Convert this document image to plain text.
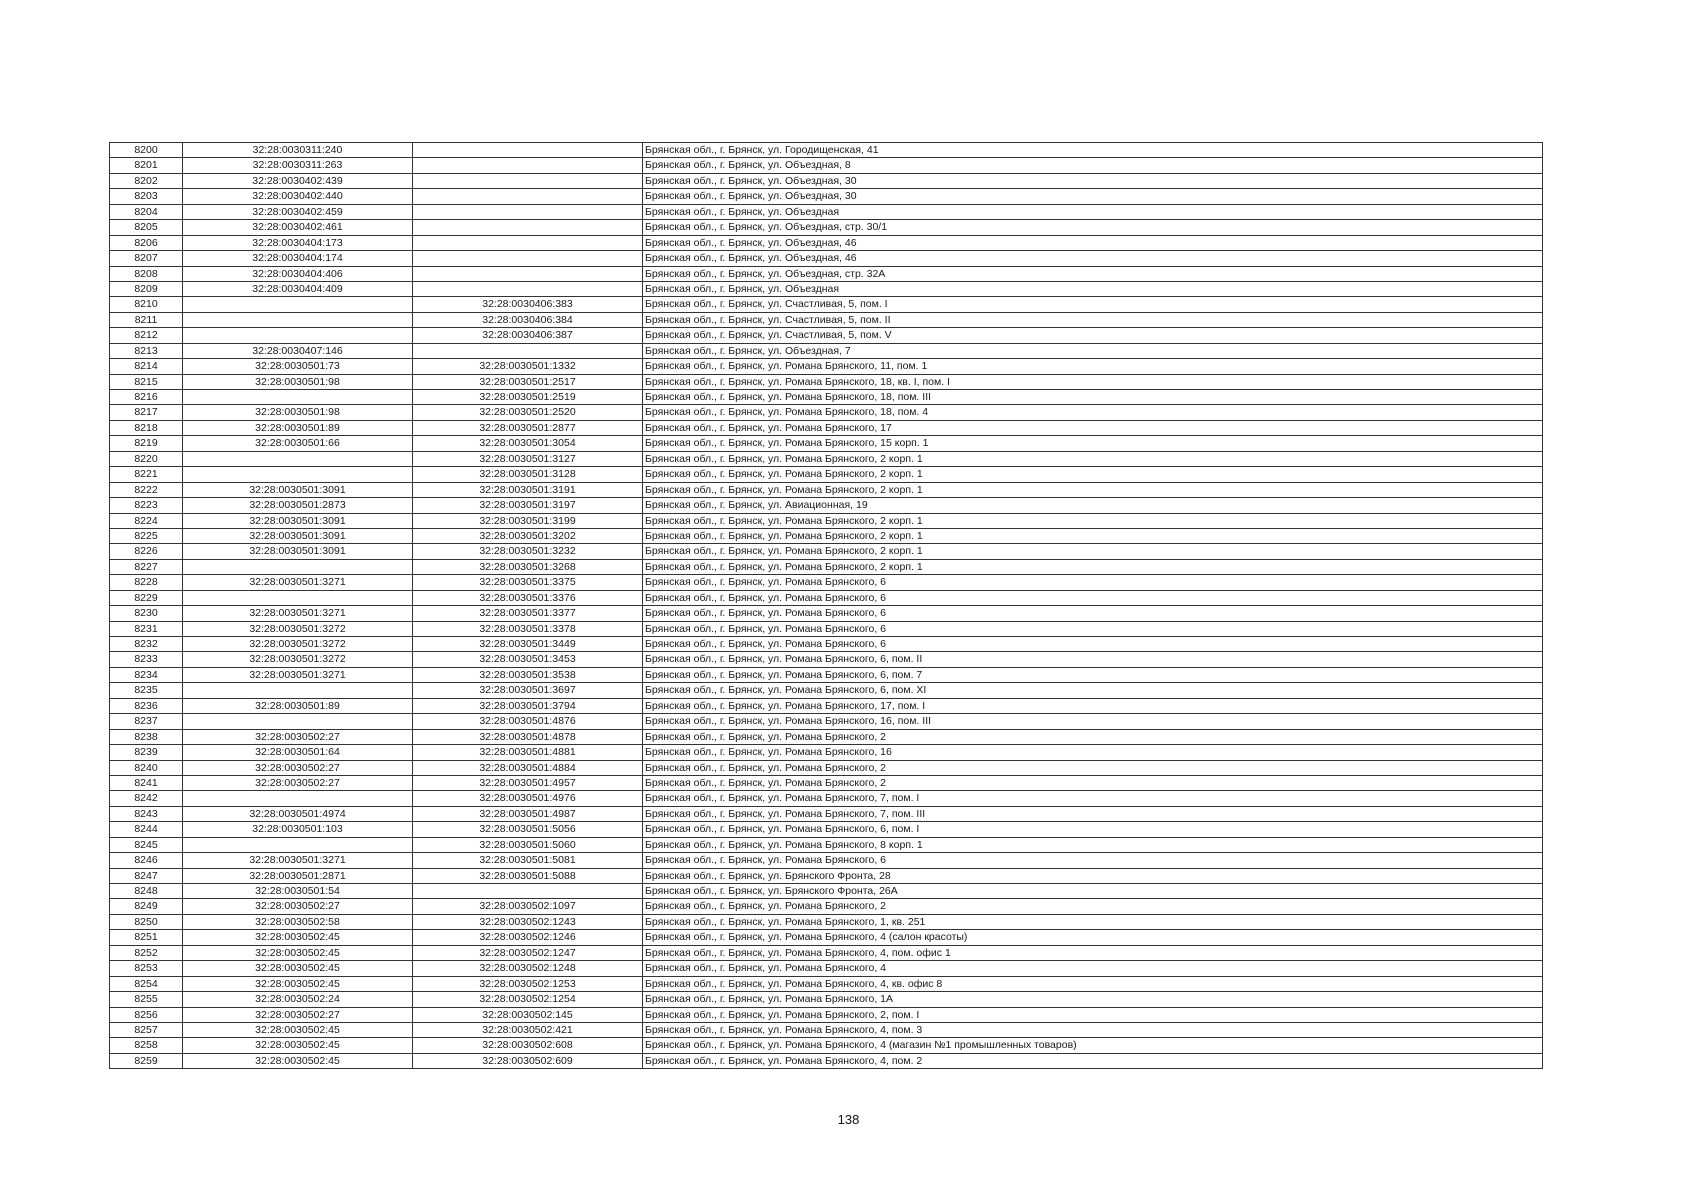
8200	32:28:0030311:240		Брянская обл., г. Брянск, ул. Городищенская, 41
8201	32:28:0030311:263		Брянская обл., г. Брянск, ул. Объездная, 8
8202	32:28:0030402:439		Брянская обл., г. Брянск, ул. Объездная, 30
8203	32:28:0030402:440		Брянская обл., г. Брянск, ул. Объездная, 30
8204	32:28:0030402:459		Брянская обл., г. Брянск, ул. Объездная
8205	32:28:0030402:461		Брянская обл., г. Брянск, ул. Объездная, стр. 30/1
8206	32:28:0030404:173		Брянская обл., г. Брянск, ул. Объездная, 46
8207	32:28:0030404:174		Брянская обл., г. Брянск, ул. Объездная, 46
8208	32:28:0030404:406		Брянская обл., г. Брянск, ул. Объездная, стр. 32А
8209	32:28:0030404:409		Брянская обл., г. Брянск, ул. Объездная
8210		32:28:0030406:383	Брянская обл., г. Брянск, ул. Счастливая, 5, пом. I
8211		32:28:0030406:384	Брянская обл., г. Брянск, ул. Счастливая, 5, пом. II
8212		32:28:0030406:387	Брянская обл., г. Брянск, ул. Счастливая, 5, пом. V
8213	32:28:0030407:146		Брянская обл., г. Брянск, ул. Объездная, 7
8214	32:28:0030501:73	32:28:0030501:1332	Брянская обл., г. Брянск, ул. Романа Брянского, 11, пом. 1
8215	32:28:0030501:98	32:28:0030501:2517	Брянская обл., г. Брянск, ул. Романа Брянского, 18, кв. I, пом. I
8216		32:28:0030501:2519	Брянская обл., г. Брянск, ул. Романа Брянского, 18, пом. III
8217	32:28:0030501:98	32:28:0030501:2520	Брянская обл., г. Брянск, ул. Романа Брянского, 18, пом. 4
8218	32:28:0030501:89	32:28:0030501:2877	Брянская обл., г. Брянск, ул. Романа Брянского, 17
8219	32:28:0030501:66	32:28:0030501:3054	Брянская обл., г. Брянск, ул. Романа Брянского, 15 корп. 1
8220		32:28:0030501:3127	Брянская обл., г. Брянск, ул. Романа Брянского, 2 корп. 1
8221		32:28:0030501:3128	Брянская обл., г. Брянск, ул. Романа Брянского, 2 корп. 1
8222	32:28:0030501:3091	32:28:0030501:3191	Брянская обл., г. Брянск, ул. Романа Брянского, 2 корп. 1
8223	32:28:0030501:2873	32:28:0030501:3197	Брянская обл., г. Брянск, ул. Авиационная, 19
8224	32:28:0030501:3091	32:28:0030501:3199	Брянская обл., г. Брянск, ул. Романа Брянского, 2 корп. 1
8225	32:28:0030501:3091	32:28:0030501:3202	Брянская обл., г. Брянск, ул. Романа Брянского, 2 корп. 1
8226	32:28:0030501:3091	32:28:0030501:3232	Брянская обл., г. Брянск, ул. Романа Брянского, 2 корп. 1
8227		32:28:0030501:3268	Брянская обл., г. Брянск, ул. Романа Брянского, 2 корп. 1
8228	32:28:0030501:3271	32:28:0030501:3375	Брянская обл., г. Брянск, ул. Романа Брянского, 6
8229		32:28:0030501:3376	Брянская обл., г. Брянск, ул. Романа Брянского, 6
8230	32:28:0030501:3271	32:28:0030501:3377	Брянская обл., г. Брянск, ул. Романа Брянского, 6
8231	32:28:0030501:3272	32:28:0030501:3378	Брянская обл., г. Брянск, ул. Романа Брянского, 6
8232	32:28:0030501:3272	32:28:0030501:3449	Брянская обл., г. Брянск, ул. Романа Брянского, 6
8233	32:28:0030501:3272	32:28:0030501:3453	Брянская обл., г. Брянск, ул. Романа Брянского, 6, пом. II
8234	32:28:0030501:3271	32:28:0030501:3538	Брянская обл., г. Брянск, ул. Романа Брянского, 6, пом. 7
8235		32:28:0030501:3697	Брянская обл., г. Брянск, ул. Романа Брянского, 6, пом. XI
8236	32:28:0030501:89	32:28:0030501:3794	Брянская обл., г. Брянск, ул. Романа Брянского, 17, пом. I
8237		32:28:0030501:4876	Брянская обл., г. Брянск, ул. Романа Брянского, 16, пом. III
8238	32:28:0030502:27	32:28:0030501:4878	Брянская обл., г. Брянск, ул. Романа Брянского, 2
8239	32:28:0030501:64	32:28:0030501:4881	Брянская обл., г. Брянск, ул. Романа Брянского, 16
8240	32:28:0030502:27	32:28:0030501:4884	Брянская обл., г. Брянск, ул. Романа Брянского, 2
8241	32:28:0030502:27	32:28:0030501:4957	Брянская обл., г. Брянск, ул. Романа Брянского, 2
8242		32:28:0030501:4976	Брянская обл., г. Брянск, ул. Романа Брянского, 7, пом. I
8243	32:28:0030501:4974	32:28:0030501:4987	Брянская обл., г. Брянск, ул. Романа Брянского, 7, пом. III
8244	32:28:0030501:103	32:28:0030501:5056	Брянская обл., г. Брянск, ул. Романа Брянского, 6, пом. I
8245		32:28:0030501:5060	Брянская обл., г. Брянск, ул. Романа Брянского, 8 корп. 1
8246	32:28:0030501:3271	32:28:0030501:5081	Брянская обл., г. Брянск, ул. Романа Брянского, 6
8247	32:28:0030501:2871	32:28:0030501:5088	Брянская обл., г. Брянск, ул. Брянского Фронта, 28
8248	32:28:0030501:54		Брянская обл., г. Брянск, ул. Брянского Фронта, 26А
8249	32:28:0030502:27	32:28:0030502:1097	Брянская обл., г. Брянск, ул. Романа Брянского, 2
8250	32:28:0030502:58	32:28:0030502:1243	Брянская обл., г. Брянск, ул. Романа Брянского, 1, кв. 251
8251	32:28:0030502:45	32:28:0030502:1246	Брянская обл., г. Брянск, ул. Романа Брянского, 4 (салон красоты)
8252	32:28:0030502:45	32:28:0030502:1247	Брянская обл., г. Брянск, ул. Романа Брянского, 4, пом. офис 1
8253	32:28:0030502:45	32:28:0030502:1248	Брянская обл., г. Брянск, ул. Романа Брянского, 4
8254	32:28:0030502:45	32:28:0030502:1253	Брянская обл., г. Брянск, ул. Романа Брянского, 4, кв. офис 8
8255	32:28:0030502:24	32:28:0030502:1254	Брянская обл., г. Брянск, ул. Романа Брянского, 1А
8256	32:28:0030502:27	32:28:0030502:145	Брянская обл., г. Брянск, ул. Романа Брянского, 2, пом. I
8257	32:28:0030502:45	32:28:0030502:421	Брянская обл., г. Брянск, ул. Романа Брянского, 4, пом. 3
8258	32:28:0030502:45	32:28:0030502:608	Брянская обл., г. Брянск, ул. Романа Брянского, 4 (магазин №1 промышленных товаров)
8259	32:28:0030502:45	32:28:0030502:609	Брянская обл., г. Брянск, ул. Романа Брянского, 4, пом. 2
138
